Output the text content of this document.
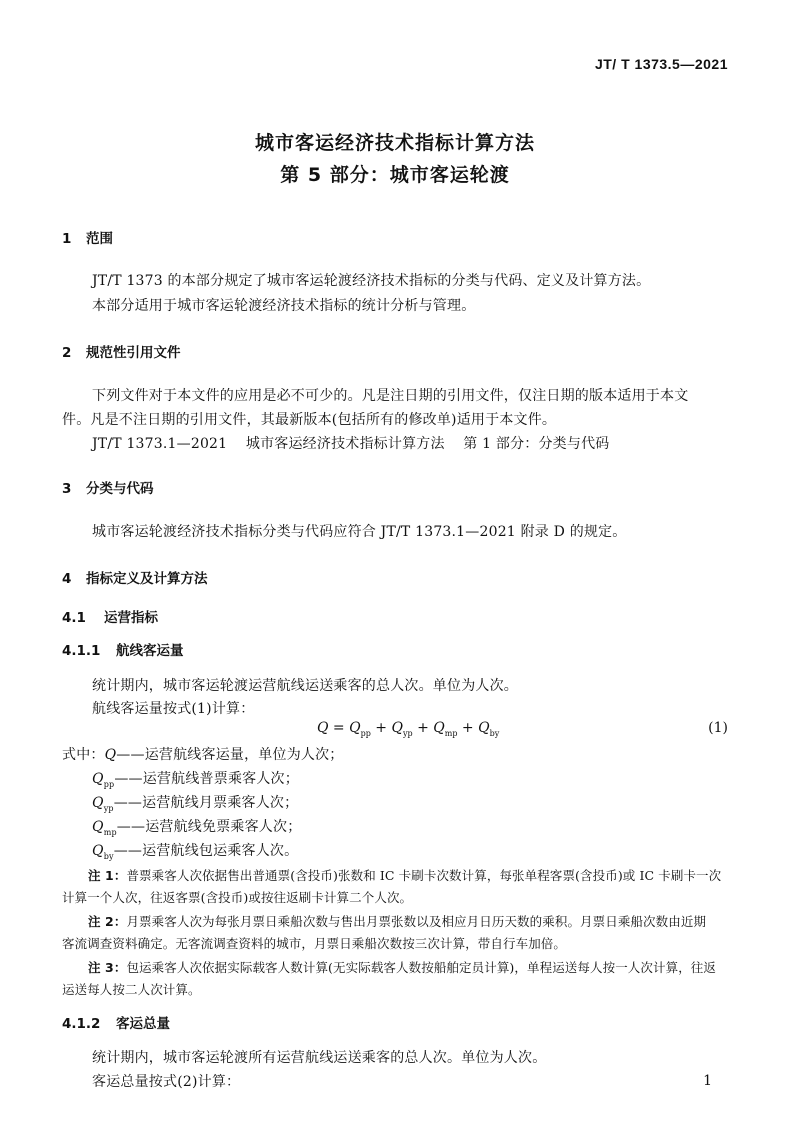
JT/ T 1373.5—2021
城市客运经济技术指标计算方法
第 5 部分：城市客运轮渡
1 范围
JT/T 1373 的本部分规定了城市客运轮渡经济技术指标的分类与代码、定义及计算方法。
本部分适用于城市客运轮渡经济技术指标的统计分析与管理。
2 规范性引用文件
下列文件对于本文件的应用是必不可少的。凡是注日期的引用文件，仅注日期的版本适用于本文
件。凡是不注日期的引用文件，其最新版本(包括所有的修改单)适用于本文件。
JT/T 1373.1—2021    城市客运经济技术指标计算方法    第 1 部分：分类与代码
3 分类与代码
城市客运轮渡经济技术指标分类与代码应符合 JT/T 1373.1—2021 附录 D 的规定。
4 指标定义及计算方法
4.1 运营指标
4.1.1 航线客运量
统计期内，城市客运轮渡运营航线运送乘客的总人次。单位为人次。
航线客运量按式(1)计算：
$Q = Q_{pp} + Q_{yp} + Q_{mp} + Q_{by}$	(1)
式中：Q——运营航线客运量，单位为人次；
$Q_{pp}——$运营航线普票乘客人次；
$Q_{yp}——$运营航线月票乘客人次；
$Q_{mp}——$运营航线免票乘客人次；
$Q_{by}——$运营航线包运乘客人次。
注 1：普票乘客人次依据售出普通票(含投币)张数和 IC 卡刷卡次数计算，每张单程客票(含投币)或 IC 卡刷卡一次
计算一个人次，往返客票(含投币)或按往返刷卡计算二个人次。
注 2：月票乘客人次为每张月票日乘船次数与售出月票张数以及相应月日历天数的乘积。月票日乘船次数由近期
客流调查资料确定。无客流调查资料的城市，月票日乘船次数按三次计算，带自行车加倍。
注 3：包运乘客人次依据实际载客人数计算(无实际载客人数按船舶定员计算)，单程运送每人按一人次计算，往返
运送每人按二人次计算。
4.1.2 客运总量
统计期内，城市客运轮渡所有运营航线运送乘客的总人次。单位为人次。
客运总量按式(2)计算：	1
